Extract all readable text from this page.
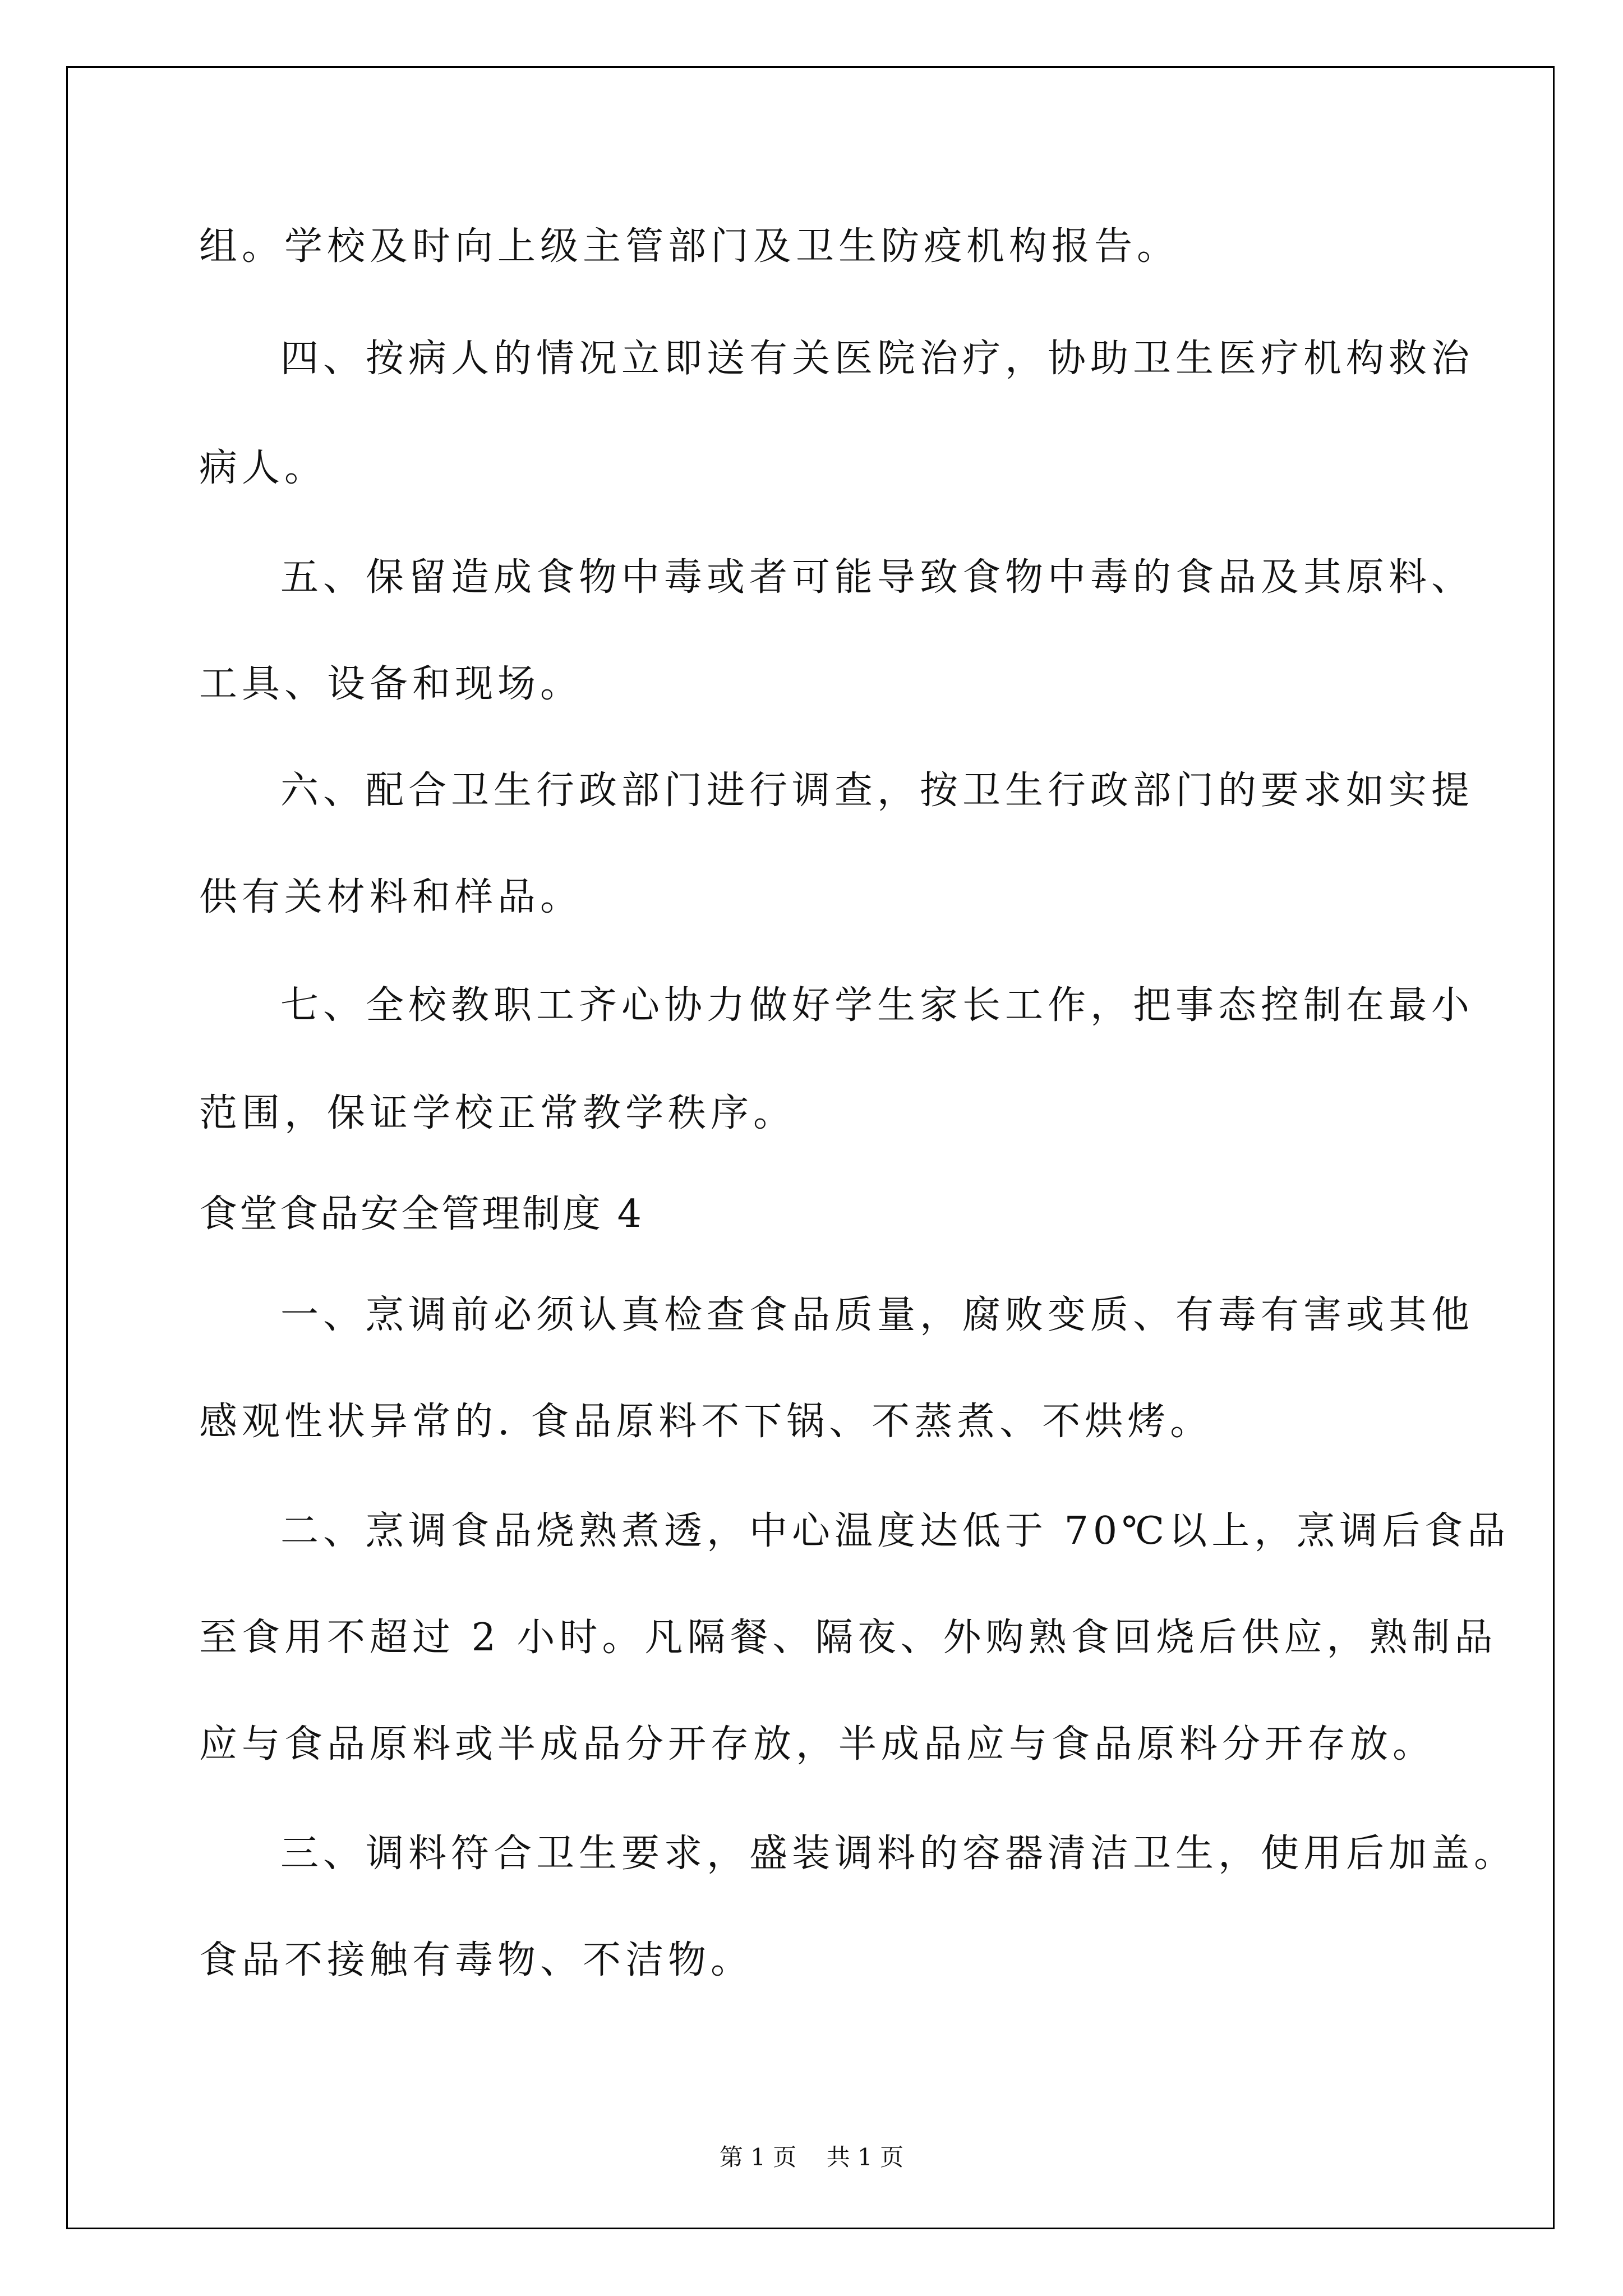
组。学校及时向上级主管部门及卫生防疫机构报告。
四、按病人的情况立即送有关医院治疗，协助卫生医疗机构救治
病人。
五、保留造成食物中毒或者可能导致食物中毒的食品及其原料、
工具、设备和现场。
六、配合卫生行政部门进行调查，按卫生行政部门的要求如实提
供有关材料和样品。
七、全校教职工齐心协力做好学生家长工作，把事态控制在最小
范围，保证学校正常教学秩序。
食堂食品安全管理制度 4
一、烹调前必须认真检查食品质量，腐败变质、有毒有害或其他
感观性状异常的. 食品原料不下锅、不蒸煮、不烘烤。
二、烹调食品烧熟煮透，中心温度达低于 70℃以上，烹调后食品
至食用不超过 2 小时。凡隔餐、隔夜、外购熟食回烧后供应，熟制品
应与食品原料或半成品分开存放，半成品应与食品原料分开存放。
三、调料符合卫生要求，盛装调料的容器清洁卫生，使用后加盖。
食品不接触有毒物、不洁物。
第 1 页    共 1 页
